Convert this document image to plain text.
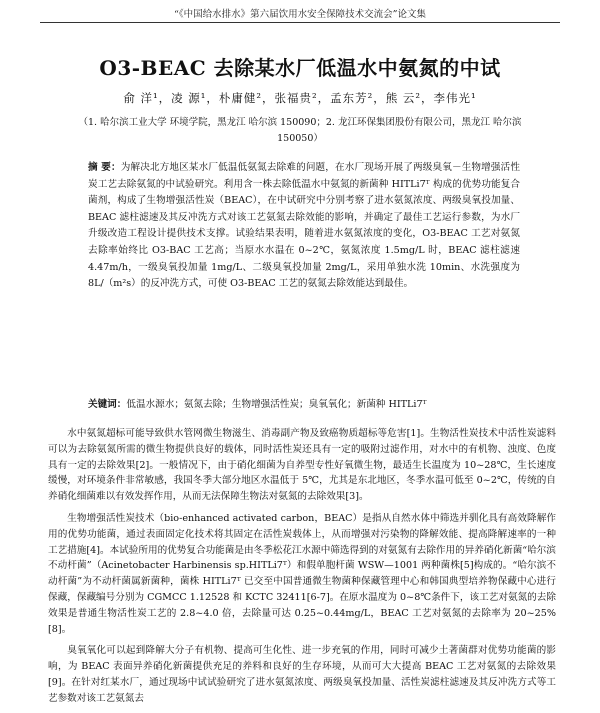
“《中国给水排水》第六届饮用水安全保障技术交流会”论文集
O3-BEAC 去除某水厂低温水中氨氮的中试
俞 洋¹，凌 源¹，朴庸健²，张福贵²，孟东芳²，熊 云²，李伟光¹
（1. 哈尔滨工业大学 环境学院，黑龙江 哈尔滨 150090；2. 龙江环保集团股份有限公司，黑龙江 哈尔滨 150050）
摘 要：为解决北方地区某水厂低温低氨氮去除难的问题，在水厂现场开展了两级臭氧－生物增强活性炭工艺去除氨氮的中试验研究。利用含一株去除低温水中氨氮的新菌种 HITLi7ᵀ 构成的优势功能复合菌剂，构成了生物增强活性炭（BEAC），在中试研究中分别考察了进水氨氮浓度、两级臭氧投加量、BEAC 滤柱滤速及其反冲洗方式对该工艺氨氮去除效能的影响，并确定了最佳工艺运行参数，为水厂升级改造工程设计提供技术支撑。试验结果表明，随着进水氨氮浓度的变化，O3-BEAC 工艺对氨氮去除率始终比 O3-BAC 工艺高；当原水水温在 0~2℃，氨氮浓度 1.5mg/L 时，BEAC 滤柱滤速 4.47m/h，一级臭氧投加量 1mg/L、二级臭氧投加量 2mg/L，采用单独水洗 10min、水洗强度为 8L/（m²s）的反冲洗方式，可使 O3-BEAC 工艺的氨氮去除效能达到最佳。
关键词：低温水源水；氨氮去除；生物增强活性炭；臭氧氧化；新菌种 HITLi7ᵀ

水中氨氮超标可能导致供水管网微生物滋生、消毒副产物及致癌物质超标等危害[1]。生物活性炭技术中活性炭滤料可以为去除氨氮所需的微生物提供良好的载体，同时活性炭还具有一定的吸附过滤作用，对水中的有机物、浊度、色度具有一定的去除效果[2]。一般情况下，由于硝化细菌为自养型专性好氧微生物，最适生长温度为 10~28℃，生长速度缓慢，对环境条件非常敏感，我国冬季大部分地区水温低于 5℃，尤其是东北地区，冬季水温可低至 0~2℃，传统的自养硝化细菌难以有效发挥作用，从而无法保障生物法对氨氮的去除效果[3]。

生物增强活性炭技术（bio-enhanced activated carbon，BEAC）是指从自然水体中筛选并驯化具有高效降解作用的优势功能菌，通过表面固定化技术将其固定在活性炭载体上，从而增强对污染物的降解效能、提高降解速率的一种工艺措施[4]。本试验所用的优势复合功能菌是由冬季松花江水源中筛选得到的对氨氮有去除作用的异养硝化新菌“哈尔滨不动杆菌”（Acinetobacter Harbinensis sp.HITLi7ᵀ）和假单胞杆菌 WSW—1001 两种菌株[5]构成的。“哈尔滨不动杆菌”为不动杆菌属新菌种，菌株 HITLi7ᵀ 已交至中国普通微生物菌种保藏管理中心和韩国典型培养物保藏中心进行保藏，保藏编号分别为 CGMCC 1.12528 和 KCTC 32411[6-7]。在原水温度为 0~8℃条件下，该工艺对氨氮的去除效果是普通生物活性炭工艺的 2.8~4.0 倍，去除量可达 0.25~0.44mg/L，BEAC 工艺对氨氮的去除率为 20~25%[8]。

臭氧氧化可以起到降解大分子有机物、提高可生化性、进一步充氧的作用，同时可减少土著菌群对优势功能菌的影响，为 BEAC 表面异养硝化新菌提供充足的养料和良好的生存环境，从而可大大提高 BEAC 工艺对氨氮的去除效果[9]。在针对红某水厂，通过现场中试试验研究了进水氨氮浓度、两级臭氧投加量、活性炭滤柱滤速及其反冲洗方式等工艺参数对该工艺氨氮去
